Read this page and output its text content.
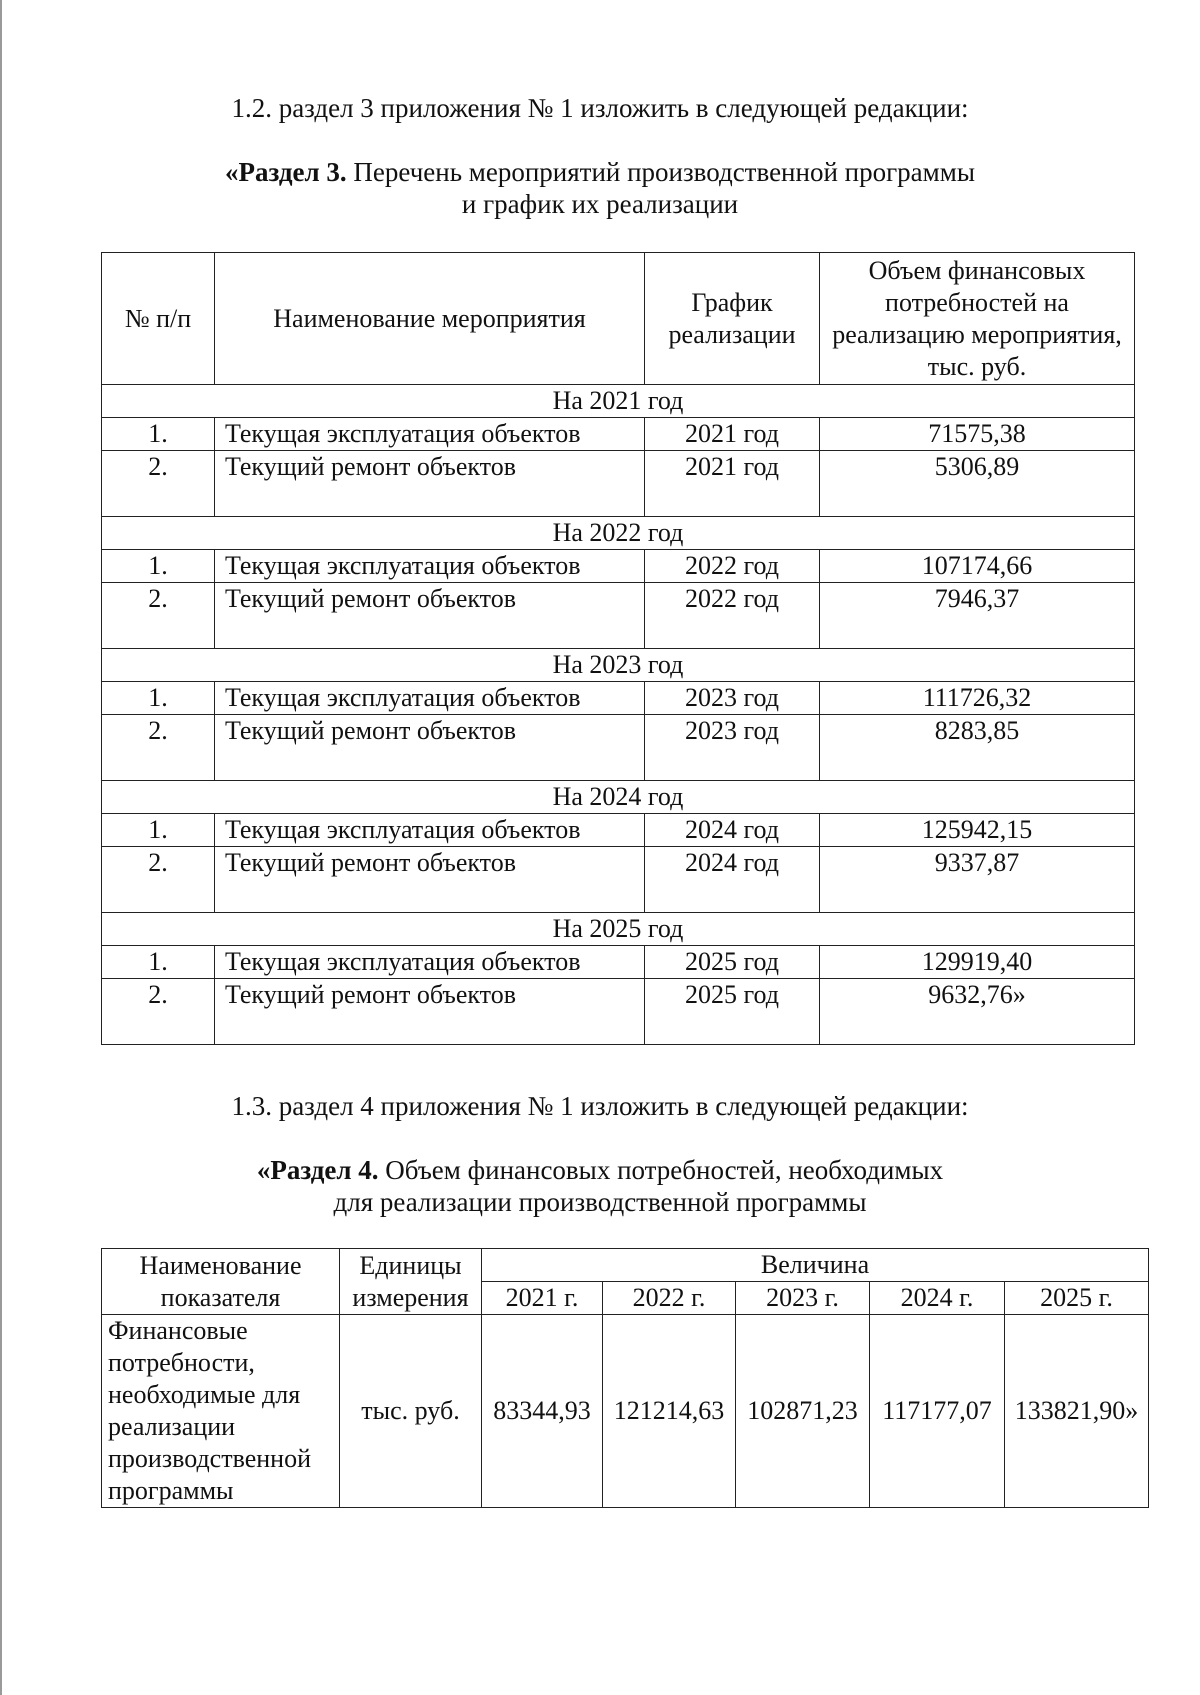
1.2. раздел 3 приложения № 1 изложить в следующей редакции:
«Раздел 3. Перечень мероприятий производственной программы
и график их реализации
№ п/п	Наименование мероприятия	График реализации	Объем финансовых потребностей на реализацию мероприятия, тыс. руб.
На 2021 год			
1.	Текущая эксплуатация объектов	2021 год	71575,38
2.	Текущий ремонт объектов	2021 год	5306,89
На 2022 год			
1.	Текущая эксплуатация объектов	2022 год	107174,66
2.	Текущий ремонт объектов	2022 год	7946,37
На 2023 год			
1.	Текущая эксплуатация объектов	2023 год	111726,32
2.	Текущий ремонт объектов	2023 год	8283,85
На 2024 год			
1.	Текущая эксплуатация объектов	2024 год	125942,15
2.	Текущий ремонт объектов	2024 год	9337,87
На 2025 год			
1.	Текущая эксплуатация объектов	2025 год	129919,40
2.	Текущий ремонт объектов	2025 год	9632,76»
1.3. раздел 4 приложения № 1 изложить в следующей редакции:
«Раздел 4. Объем финансовых потребностей, необходимых
для реализации производственной программы
Наименование показателя	Единицы измерения	Величина				
		2021 г.	2022 г.	2023 г.	2024 г.	2025 г.
Финансовые потребности, необходимые для реализации производственной программы	тыс. руб.	83344,93	121214,63	102871,23	117177,07	133821,90»
